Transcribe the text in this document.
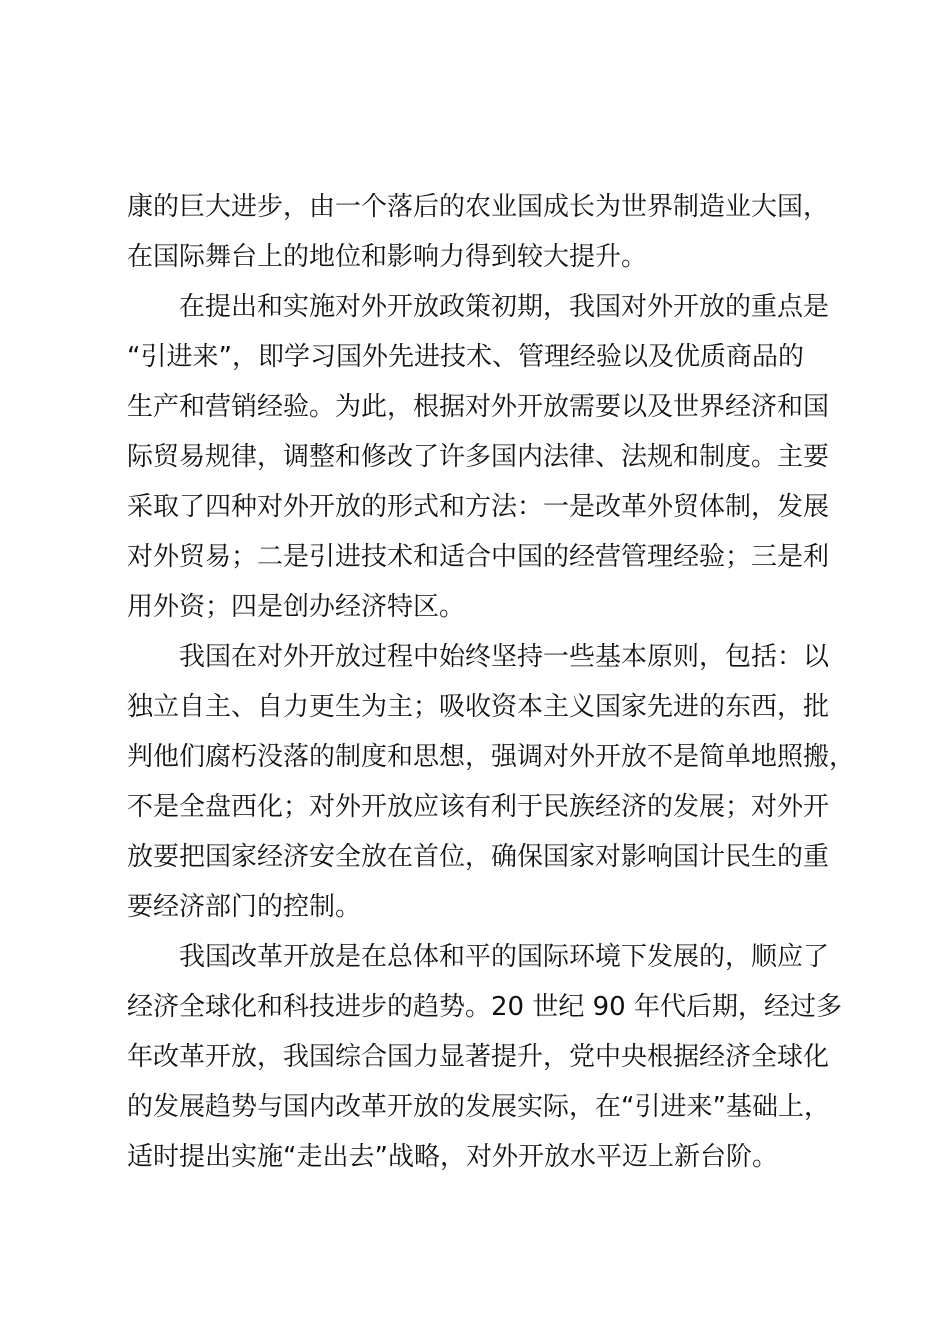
康的巨大进步，由一个落后的农业国成长为世界制造业大国，
在国际舞台上的地位和影响力得到较大提升。
　　在提出和实施对外开放政策初期，我国对外开放的重点是
“引进来”，即学习国外先进技术、管理经验以及优质商品的
生产和营销经验。为此，根据对外开放需要以及世界经济和国
际贸易规律，调整和修改了许多国内法律、法规和制度。主要
采取了四种对外开放的形式和方法：一是改革外贸体制，发展
对外贸易；二是引进技术和适合中国的经营管理经验；三是利
用外资；四是创办经济特区。
　　我国在对外开放过程中始终坚持一些基本原则，包括：以
独立自主、自力更生为主；吸收资本主义国家先进的东西，批
判他们腐朽没落的制度和思想，强调对外开放不是简单地照搬，
不是全盘西化；对外开放应该有利于民族经济的发展；对外开
放要把国家经济安全放在首位，确保国家对影响国计民生的重
要经济部门的控制。
　　我国改革开放是在总体和平的国际环境下发展的，顺应了
经济全球化和科技进步的趋势。20 世纪 90 年代后期，经过多
年改革开放，我国综合国力显著提升，党中央根据经济全球化
的发展趋势与国内改革开放的发展实际，在“引进来”基础上，
适时提出实施“走出去”战略，对外开放水平迈上新台阶。
